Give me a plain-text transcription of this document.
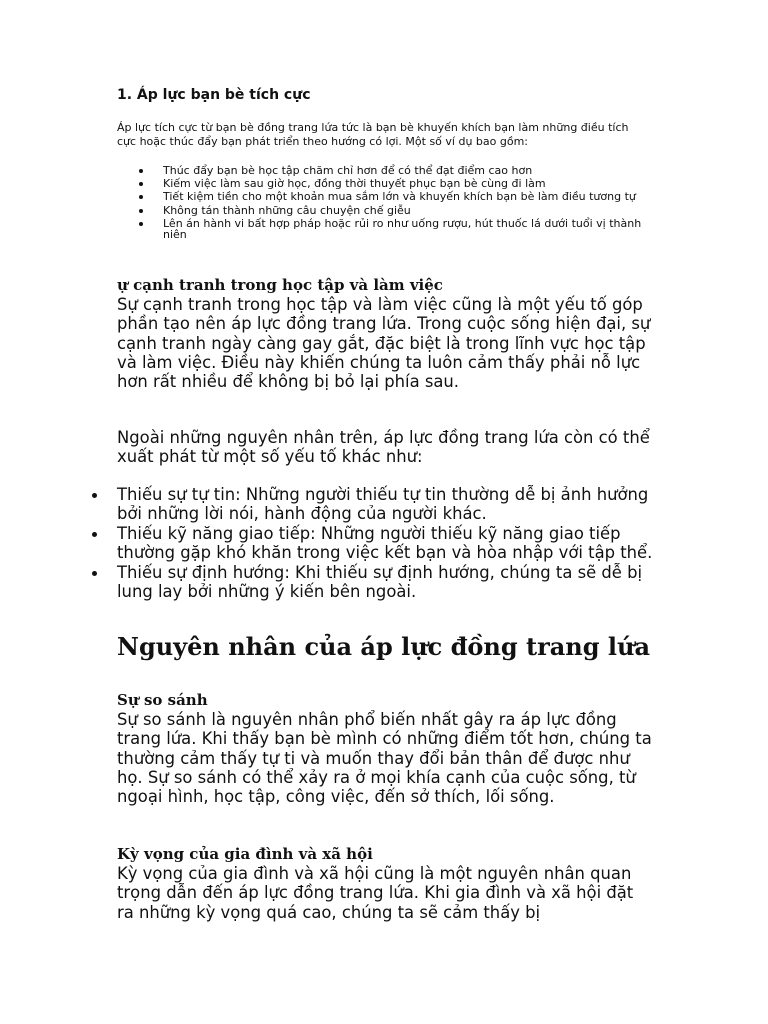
1. Áp lực bạn bè tích cực

Áp lực tích cực từ bạn bè đồng trang lứa tức là bạn bè khuyến khích bạn làm những điều tích cực hoặc thúc đẩy bạn phát triển theo hướng có lợi. Một số ví dụ bao gồm:

Thúc đẩy bạn bè học tập chăm chỉ hơn để có thể đạt điểm cao hơn
Kiếm việc làm sau giờ học, đồng thời thuyết phục bạn bè cùng đi làm
Tiết kiệm tiền cho một khoản mua sắm lớn và khuyến khích bạn bè làm điều tương tự
Không tán thành những câu chuyện chế giễu
Lên án hành vi bất hợp pháp hoặc rủi ro như uống rượu, hút thuốc lá dưới tuổi vị thành niên
ự cạnh tranh trong học tập và làm việc

Sự cạnh tranh trong học tập và làm việc cũng là một yếu tố góp phần tạo nên áp lực đồng trang lứa. Trong cuộc sống hiện đại, sự cạnh tranh ngày càng gay gắt, đặc biệt là trong lĩnh vực học tập và làm việc. Điều này khiến chúng ta luôn cảm thấy phải nỗ lực hơn rất nhiều để không bị bỏ lại phía sau.

Ngoài những nguyên nhân trên, áp lực đồng trang lứa còn có thể xuất phát từ một số yếu tố khác như:

Thiếu sự tự tin: Những người thiếu tự tin thường dễ bị ảnh hưởng bởi những lời nói, hành động của người khác.
Thiếu kỹ năng giao tiếp: Những người thiếu kỹ năng giao tiếp thường gặp khó khăn trong việc kết bạn và hòa nhập với tập thể.
Thiếu sự định hướng: Khi thiếu sự định hướng, chúng ta sẽ dễ bị lung lay bởi những ý kiến bên ngoài.
Nguyên nhân của áp lực đồng trang lứa
Sự so sánh

Sự so sánh là nguyên nhân phổ biến nhất gây ra áp lực đồng trang lứa. Khi thấy bạn bè mình có những điểm tốt hơn, chúng ta thường cảm thấy tự ti và muốn thay đổi bản thân để được như họ. Sự so sánh có thể xảy ra ở mọi khía cạnh của cuộc sống, từ ngoại hình, học tập, công việc, đến sở thích, lối sống.

Kỳ vọng của gia đình và xã hội

Kỳ vọng của gia đình và xã hội cũng là một nguyên nhân quan trọng dẫn đến áp lực đồng trang lứa. Khi gia đình và xã hội đặt ra những kỳ vọng quá cao, chúng ta sẽ cảm thấy bị
